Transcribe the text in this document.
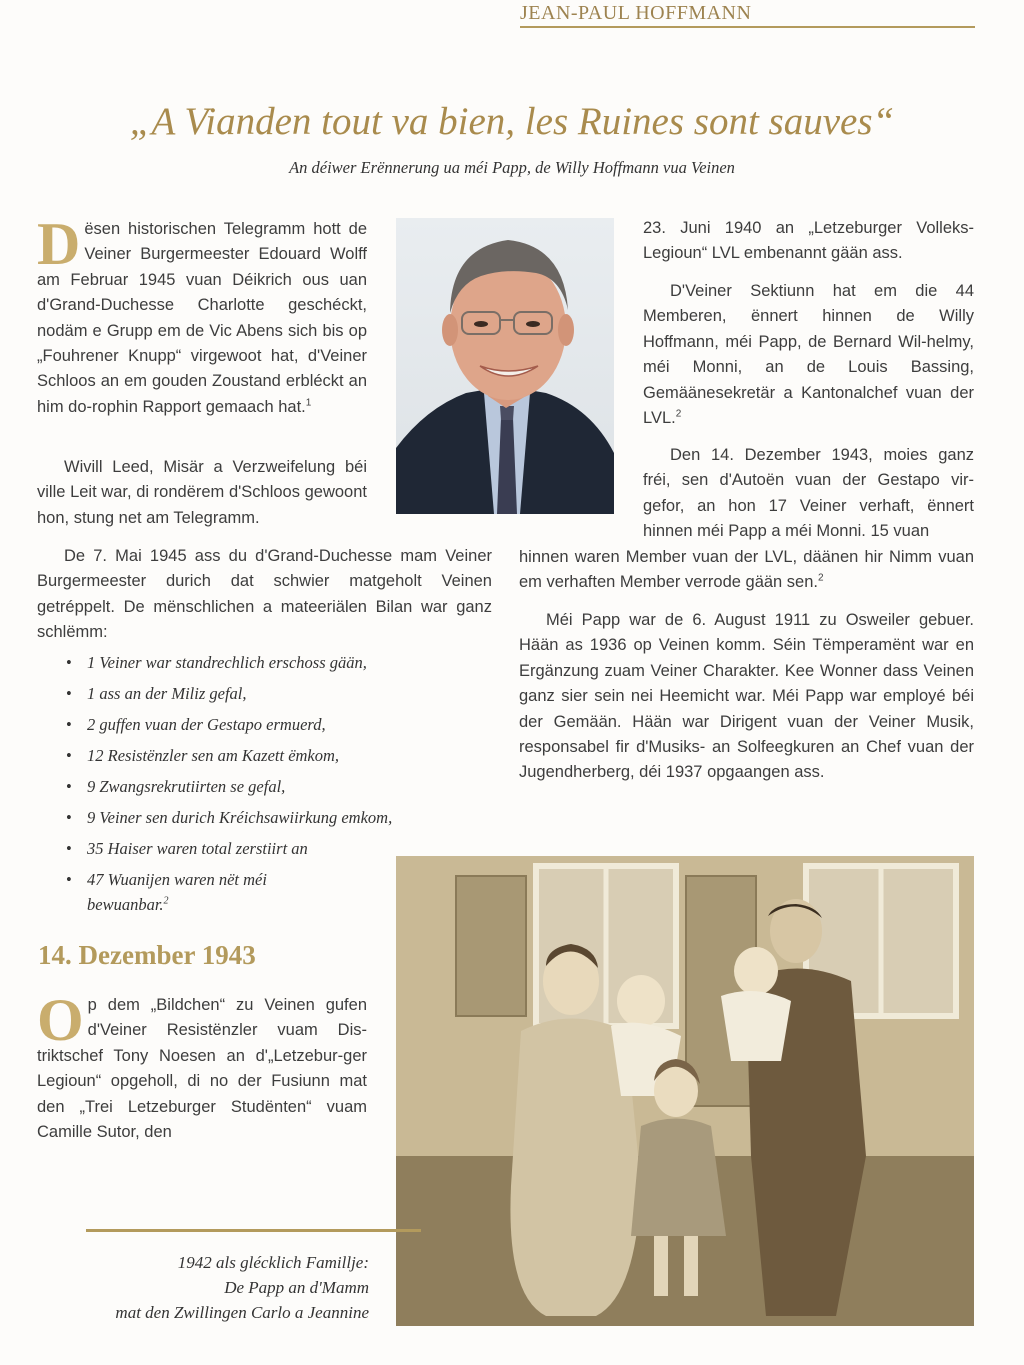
JEAN-PAUL HOFFMANN
„A Vianden tout va bien, les Ruines sont sauves“
An déiwer Erënnerung ua méi Papp, de Willy Hoffmann vua Veinen

Dësen historischen Telegramm hott de Veiner Burgermeester Edouard Wolff am Februar 1945 vuan Déikrich ous uan d'Grand-Duchesse Charlotte geschéckt, nodäm e Grupp em de Vic Abens sich bis op „Fouhrener Knupp“ virgewoot hat, d'Veiner Schloos an em gouden Zoustand erbléckt an him do-rophin Rapport gemaach hat.$^1$

Wivill Leed, Misär a Verzweifelung béi ville Leit war, di rondërem d'Schloos gewoont hon, stung net am Telegramm.

De 7. Mai 1945 ass du d'Grand-Duchesse mam Veiner Burgermeester durich dat schwier matgeholt Veinen getréppelt. De mënschlichen a mateeriälen Bilan war ganz schlëmm:

• 1 Veiner war standrechlich erschoss gään,
• 1 ass an der Miliz gefal,
• 2 guffen vuan der Gestapo ermuerd,
• 12 Resistënzler sen am Kazett ëmkom,
• 9 Zwangsrekrutiirten se gefal,
• 9 Veiner sen durich Kréichsawiirkung emkom,
• 35 Haiser waren total zerstiirt an
• 47 Wuanijen waren nët méi bewuanbar.$^2$
14. Dezember 1943

Op dem „Bildchen“ zu Veinen gufen d'Veiner Resistënzler vuam Dis-triktschef Tony Noesen an d'„Letzebur-ger Legioun“ opgeholl, di no der Fusiunn mat den „Trei Letzeburger Studënten“ vuam Camille Sutor, den

23. Juni 1940 an „Letzeburger Volleks-Legioun“ LVL embenannt gään ass.

D'Veiner Sektiunn hat em die 44 Memberen, ënnert hinnen de Willy Hoffmann, méi Papp, de Bernard Wil-helmy, méi Monni, an de Louis Bassing, Gemäänesekretär a Kantonalchef vuan der LVL.$^2$

Den 14. Dezember 1943, moies ganz fréi, sen d'Autoën vuan der Gestapo vir-gefor, an hon 17 Veiner verhaft, ënnert hinnen méi Papp a méi Monni. 15 vuan

hinnen waren Member vuan der LVL, däänen hir Nimm vuan em verhaften Member verrode gään sen.$^2$

Méi Papp war de 6. August 1911 zu Osweiler gebuer. Hään as 1936 op Veinen komm. Séin Tëmperamënt war en Ergänzung zuam Veiner Charakter. Kee Wonner dass Veinen ganz sier sein nei Heemicht war. Méi Papp war employé béi der Gemään. Hään war Dirigent vuan der Veiner Musik, responsabel fir d'Musiks- an Solfeegkuren an Chef vuan der Jugendherberg, déi 1937 opgaangen ass.

1942 als glécklich Famillje:
De Papp an d'Mamm
mat den Zwillingen Carlo a Jeannine
